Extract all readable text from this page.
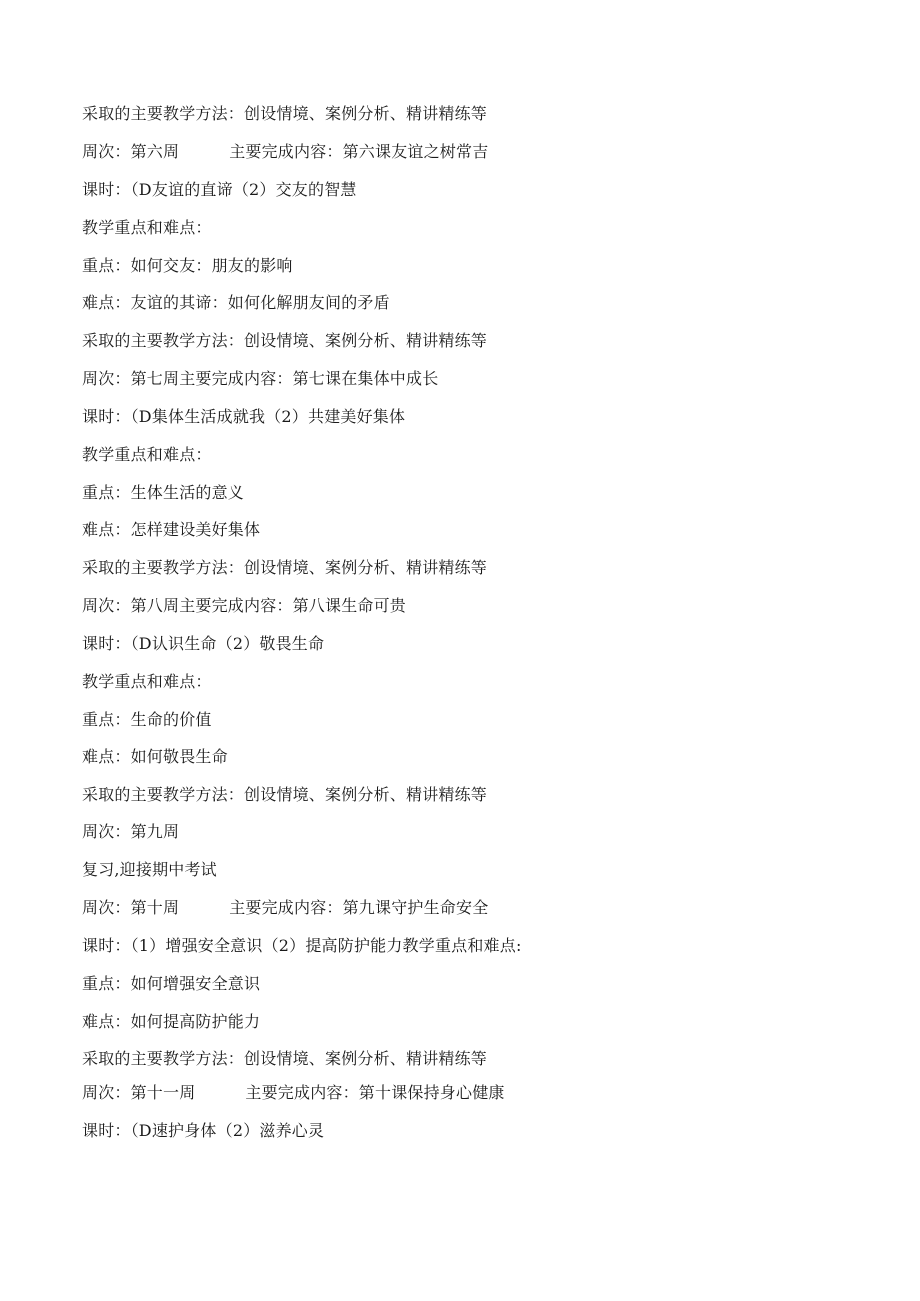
采取的主要教学方法：创设情境、案例分析、精讲精练等
周次：第六周	主要完成内容：第六课友谊之树常吉
课时：（D友谊的直谛（2）交友的智慧
教学重点和难点：
重点：如何交友：朋友的影响
难点：友谊的其谛：如何化解朋友间的矛盾
采取的主要教学方法：创设情境、案例分析、精讲精练等
周次：第七周主要完成内容：第七课在集体中成长
课时：（D集体生活成就我（2）共建美好集体
教学重点和难点：
重点：生体生活的意义
难点：怎样建设美好集体
采取的主要教学方法：创设情境、案例分析、精讲精练等
周次：第八周主要完成内容：第八课生命可贵
课时：（D认识生命（2）敬畏生命
教学重点和难点：
重点：生命的价值
难点：如何敬畏生命
采取的主要教学方法：创设情境、案例分析、精讲精练等
周次：第九周
复习,迎接期中考试
周次：第十周	主要完成内容：第九课守护生命安全
课时：（1）增强安全意识（2）提高防护能力教学重点和难点:
重点：如何增强安全意识
难点：如何提高防护能力
采取的主要教学方法：创设情境、案例分析、精讲精练等
周次：第十一周	主要完成内容：第十课保持身心健康
课时：（D速护身体（2）滋养心灵
